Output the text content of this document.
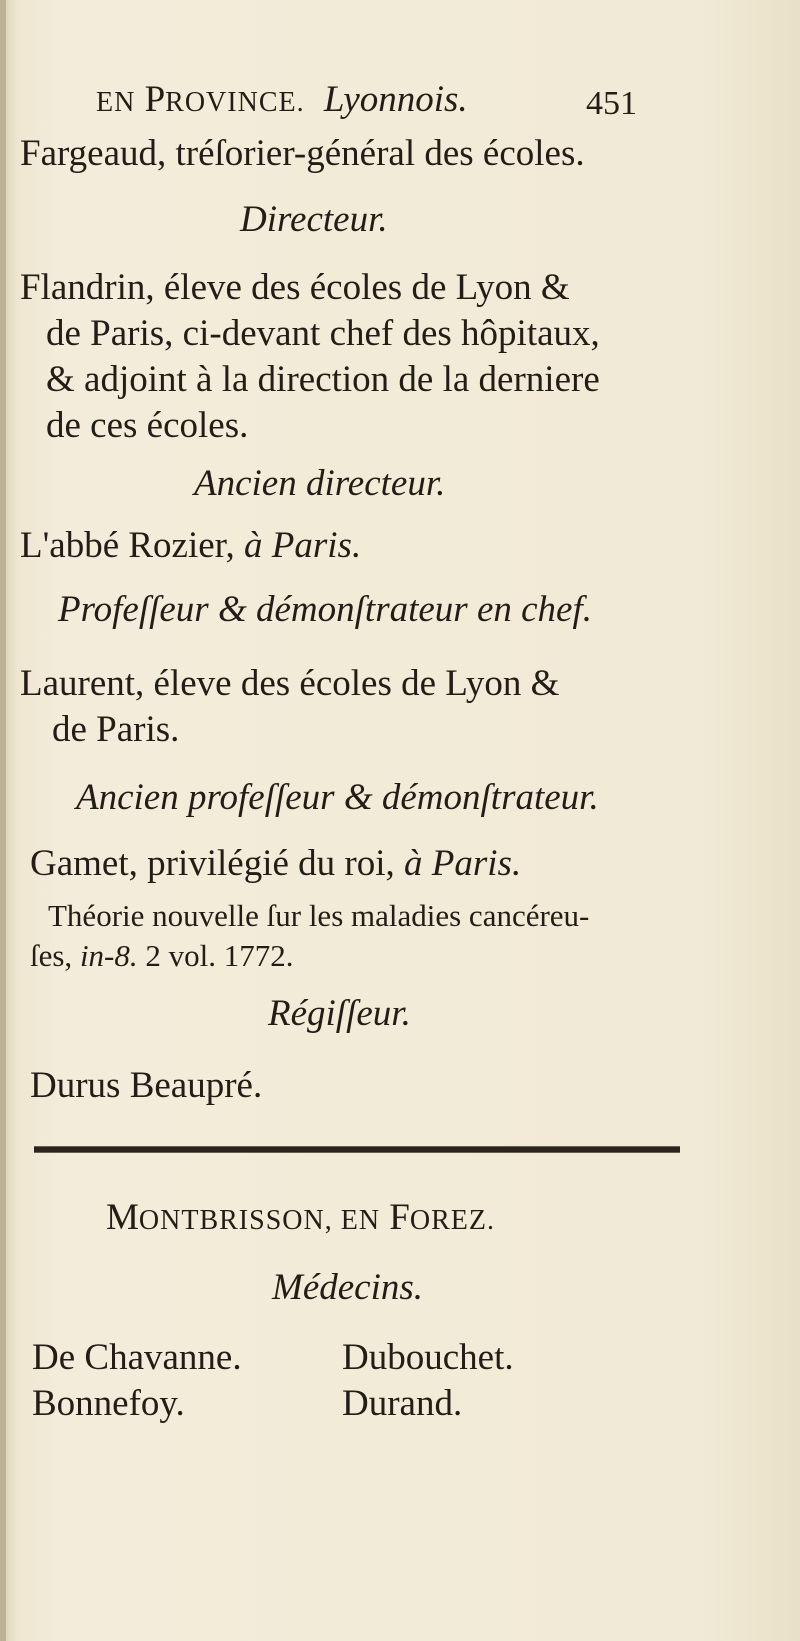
EN PROVINCE. Lyonnois.	451
Fargeaud, tréſorier-général des écoles.
Directeur.
Flandrin, éleve des écoles de Lyon &
de Paris, ci-devant chef des hôpitaux,
& adjoint à la direction de la derniere
de ces écoles.
Ancien directeur.
L'abbé Rozier, à Paris.
Profeſſeur & démonſtrateur en chef.
Laurent, éleve des écoles de Lyon &
de Paris.
Ancien profeſſeur & démonſtrateur.
Gamet, privilégié du roi, à Paris.
Théorie nouvelle ſur les maladies cancéreu-
ſes, in-8. 2 vol. 1772.
Régiſſeur.
Durus Beaupré.
MONTBRISSON, EN FOREZ.
Médecins.
De Chavanne.
Bonnefoy.
Dubouchet.
Durand.
